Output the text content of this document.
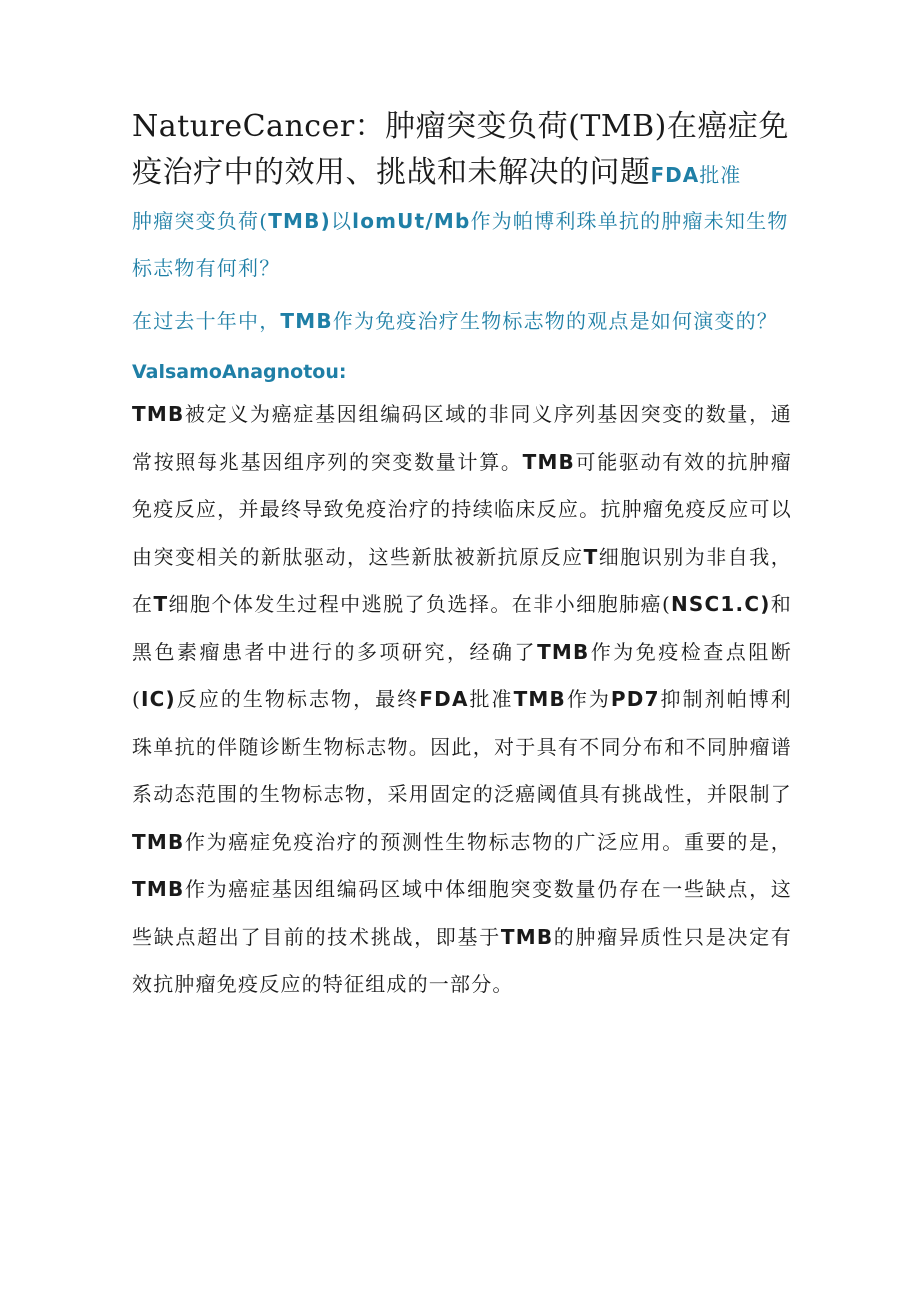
NatureCancer：肿瘤突变负荷(TMB)在癌症免疫治疗中的效用、挑战和未解决的问题FDA批准

肿瘤突变负荷(TMB)以lomUt/Mb作为帕博利珠单抗的肿瘤未知生物标志物有何利？

在过去十年中，TMB作为免疫治疗生物标志物的观点是如何演变的？

ValsamoAnagnotou:

TMB被定义为癌症基因组编码区域的非同义序列基因突变的数量，通常按照每兆基因组序列的突变数量计算。TMB可能驱动有效的抗肿瘤免疫反应，并最终导致免疫治疗的持续临床反应。抗肿瘤免疫反应可以由突变相关的新肽驱动，这些新肽被新抗原反应T细胞识别为非自我，在T细胞个体发生过程中逃脱了负选择。在非小细胞肺癌(NSC1.C)和黑色素瘤患者中进行的多项研究，经确了TMB作为免疫检查点阻断(IC)反应的生物标志物，最终FDA批准TMB作为PD7抑制剂帕博利珠单抗的伴随诊断生物标志物。因此，对于具有不同分布和不同肿瘤谱系动态范围的生物标志物，采用固定的泛癌阈值具有挑战性，并限制了TMB作为癌症免疫治疗的预测性生物标志物的广泛应用。重要的是，TMB作为癌症基因组编码区域中体细胞突变数量仍存在一些缺点，这些缺点超出了目前的技术挑战，即基于TMB的肿瘤异质性只是决定有效抗肿瘤免疫反应的特征组成的一部分。
